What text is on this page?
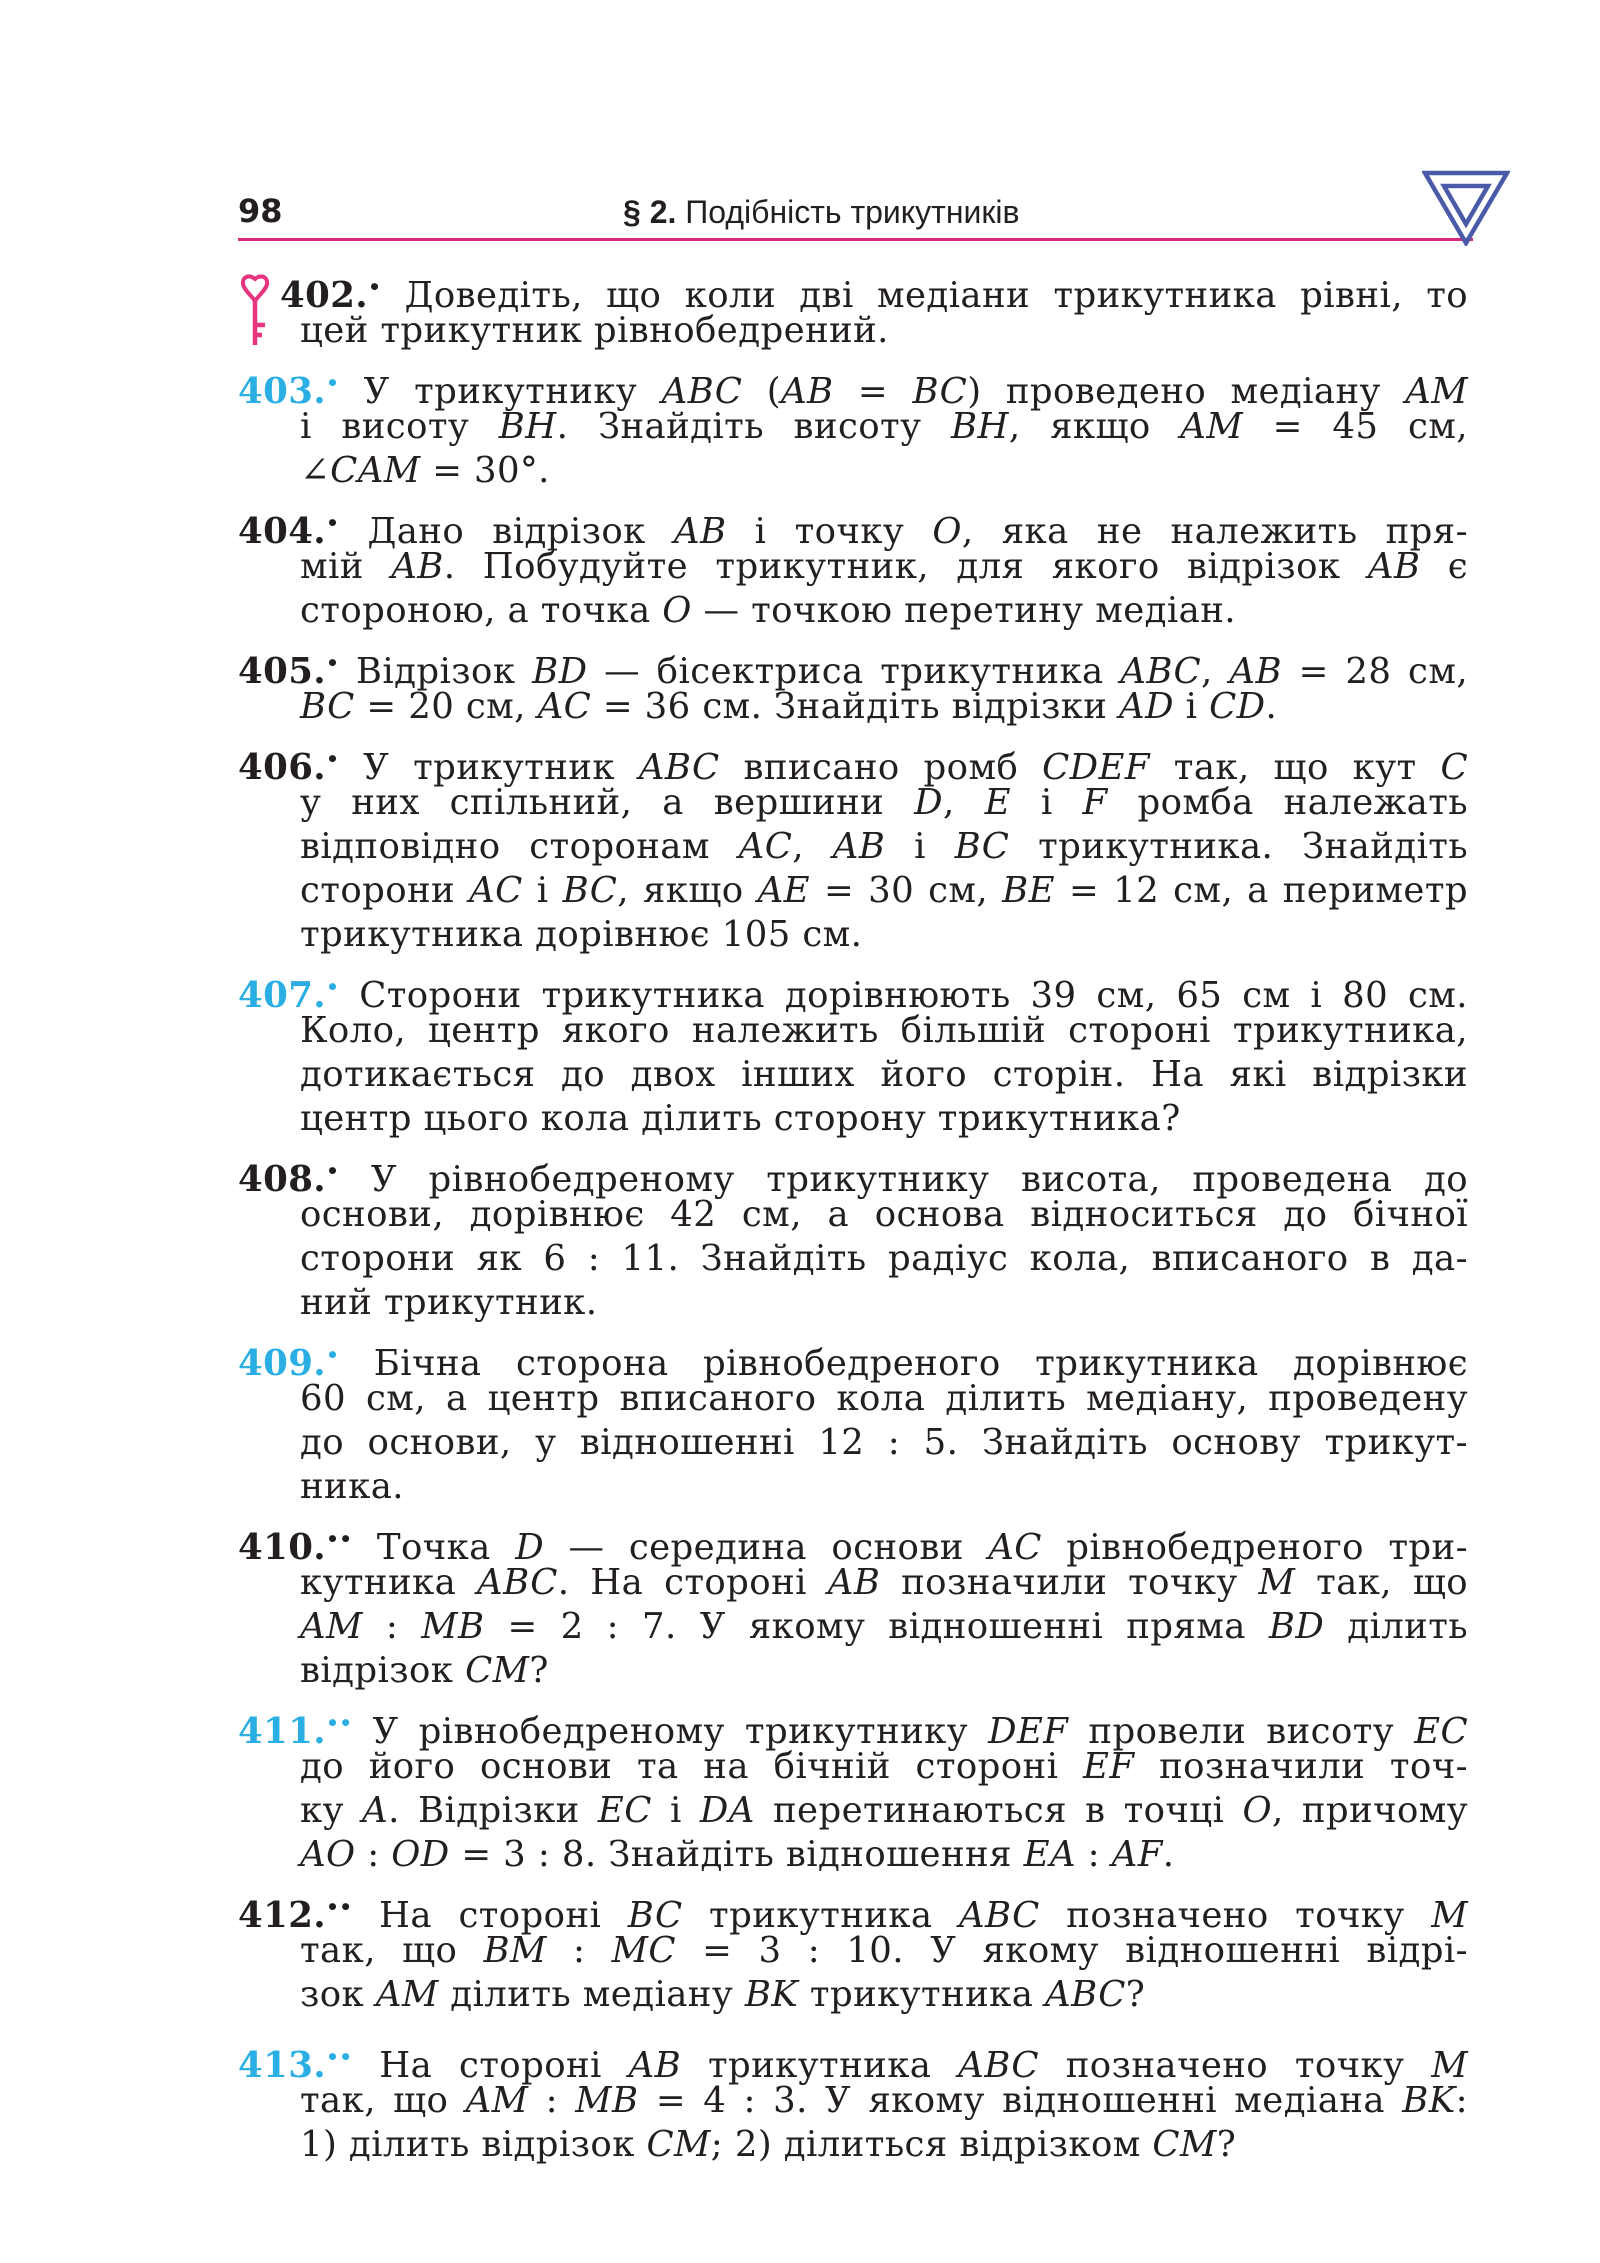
98	§ 2. Подібність трикутників
402.• Доведіть, що коли дві медіани трикутника рівні, то
цей трикутник рівнобедрений.
403.• У трикутнику ABC (AB = BC) проведено медіану AM
і висоту BH. Знайдіть висоту BH, якщо AM = 45 см,
∠CAM = 30°.
404.• Дано відрізок AB і точку O, яка не належить пря-
мій AB. Побудуйте трикутник, для якого відрізок AB є
стороною, а точка O — точкою перетину медіан.
405.• Відрізок BD — бісектриса трикутника ABC, AB = 28 см,
BC = 20 см, AC = 36 см. Знайдіть відрізки AD і CD.
406.• У трикутник ABC вписано ромб CDEF так, що кут C
у них спільний, а вершини D, E і F ромба належать
відповідно сторонам AC, AB і BC трикутника. Знайдіть
сторони AC і BC, якщо AE = 30 см, BE = 12 см, а периметр
трикутника дорівнює 105 см.
407.• Сторони трикутника дорівнюють 39 см, 65 см і 80 см.
Коло, центр якого належить більшій стороні трикутника,
дотикається до двох інших його сторін. На які відрізки
центр цього кола ділить сторону трикутника?
408.• У рівнобедреному трикутнику висота, проведена до
основи, дорівнює 42 см, а основа відноситься до бічної
сторони як 6 : 11. Знайдіть радіус кола, вписаного в да-
ний трикутник.
409.• Бічна сторона рівнобедреного трикутника дорівнює
60 см, а центр вписаного кола ділить медіану, проведену
до основи, у відношенні 12 : 5. Знайдіть основу трикут-
ника.
410.•• Точка D — середина основи AC рівнобедреного три-
кутника ABC. На стороні AB позначили точку M так, що
AM : MB = 2 : 7. У якому відношенні пряма BD ділить
відрізок CM?
411.•• У рівнобедреному трикутнику DEF провели висоту EC
до його основи та на бічній стороні EF позначили точ-
ку A. Відрізки EC і DA перетинаються в точці O, причому
AO : OD = 3 : 8. Знайдіть відношення EA : AF.
412.•• На стороні BC трикутника ABC позначено точку M
так, що BM : MC = 3 : 10. У якому відношенні відрі-
зок AM ділить медіану BK трикутника ABC?
413.•• На стороні AB трикутника ABC позначено точку M
так, що AM : MB = 4 : 3. У якому відношенні медіана BK:
1) ділить відрізок CM; 2) ділиться відрізком CM?
